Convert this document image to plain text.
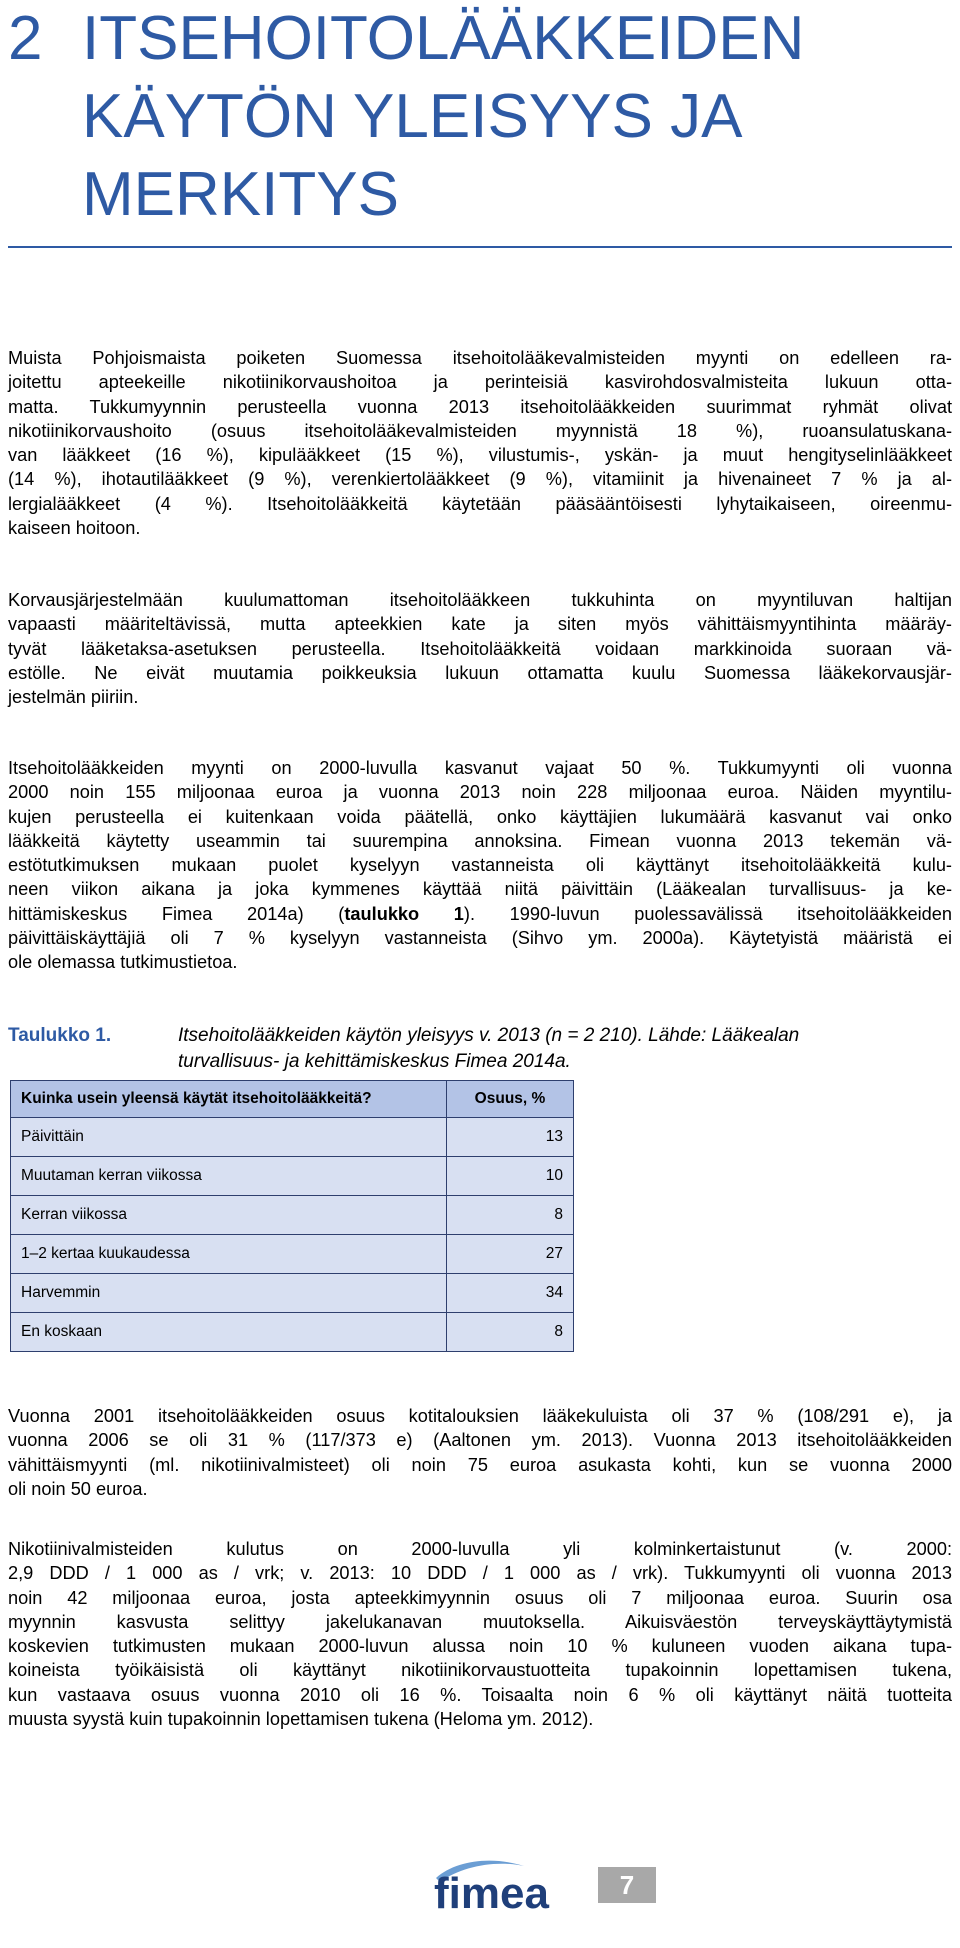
2 ITSEHOITOLÄÄKKEIDEN
KÄYTÖN YLEISYYS JA
MERKITYS

Muista Pohjoismaista poiketen Suomessa itsehoitolääkevalmisteiden myynti on edelleen ra-
joitettu apteekeille nikotiinikorvaushoitoa ja perinteisiä kasvirohdosvalmisteita lukuun otta-
matta. Tukkumyynnin perusteella vuonna 2013 itsehoitolääkkeiden suurimmat ryhmät olivat
nikotiinikorvaushoito (osuus itsehoitolääkevalmisteiden myynnistä 18 %), ruoansulatuskana-
van lääkkeet (16 %), kipulääkkeet (15 %), vilustumis-, yskän- ja muut hengityselinlääkkeet
(14 %), ihotautilääkkeet (9 %), verenkiertolääkkeet (9 %), vitamiinit ja hivenaineet 7 % ja al-
lergialääkkeet (4 %). Itsehoitolääkkeitä käytetään pääsääntöisesti lyhytaikaiseen, oireenmu-
kaiseen hoitoon.

Korvausjärjestelmään kuulumattoman itsehoitolääkkeen tukkuhinta on myyntiluvan haltijan
vapaasti määriteltävissä, mutta apteekkien kate ja siten myös vähittäismyyntihinta määräy-
tyvät lääketaksa-asetuksen perusteella. Itsehoitolääkkeitä voidaan markkinoida suoraan vä-
estölle. Ne eivät muutamia poikkeuksia lukuun ottamatta kuulu Suomessa lääkekorvausjär-
jestelmän piiriin.

Itsehoitolääkkeiden myynti on 2000-luvulla kasvanut vajaat 50 %. Tukkumyynti oli vuonna
2000 noin 155 miljoonaa euroa ja vuonna 2013 noin 228 miljoonaa euroa. Näiden myyntilu-
kujen perusteella ei kuitenkaan voida päätellä, onko käyttäjien lukumäärä kasvanut vai onko
lääkkeitä käytetty useammin tai suurempina annoksina. Fimean vuonna 2013 tekemän vä-
estötutkimuksen mukaan puolet kyselyyn vastanneista oli käyttänyt itsehoitolääkkeitä kulu-
neen viikon aikana ja joka kymmenes käyttää niitä päivittäin (Lääkealan turvallisuus- ja ke-
hittämiskeskus Fimea 2014a) (taulukko 1). 1990-luvun puolessavälissä itsehoitolääkkeiden
päivittäiskäyttäjiä oli 7 % kyselyyn vastanneista (Sihvo ym. 2000a). Käytetyistä määristä ei
ole olemassa tutkimustietoa.

Taulukko 1.	Itsehoitolääkkeiden käytön yleisyys v. 2013 (n = 2 210). Lähde: Lääkealan
turvallisuus- ja kehittämiskeskus Fimea 2014a.
Kuinka usein yleensä käytät itsehoitolääkkeitä?	Osuus, %
Päivittäin	13
Muutaman kerran viikossa	10
Kerran viikossa	8
1–2 kertaa kuukaudessa	27
Harvemmin	34
En koskaan	8

Vuonna 2001 itsehoitolääkkeiden osuus kotitalouksien lääkekuluista oli 37 % (108/291 e), ja
vuonna 2006 se oli 31 % (117/373 e) (Aaltonen ym. 2013). Vuonna 2013 itsehoitolääkkeiden
vähittäismyynti (ml. nikotiinivalmisteet) oli noin 75 euroa asukasta kohti, kun se vuonna 2000
oli noin 50 euroa.

Nikotiinivalmisteiden kulutus on 2000-luvulla yli kolminkertaistunut (v. 2000:
2,9 DDD / 1 000 as / vrk; v. 2013: 10 DDD / 1 000 as / vrk). Tukkumyynti oli vuonna 2013
noin 42 miljoonaa euroa, josta apteekkimyynnin osuus oli 7 miljoonaa euroa. Suurin osa
myynnin kasvusta selittyy jakelukanavan muutoksella. Aikuisväestön terveyskäyttäytymistä
koskevien tutkimusten mukaan 2000-luvun alussa noin 10 % kuluneen vuoden aikana tupa-
koineista työikäisistä oli käyttänyt nikotiinikorvaustuotteita tupakoinnin lopettamisen tukena,
kun vastaava osuus vuonna 2010 oli 16 %. Toisaalta noin 6 % oli käyttänyt näitä tuotteita
muusta syystä kuin tupakoinnin lopettamisen tukena (Heloma ym. 2012).

fimea	7
